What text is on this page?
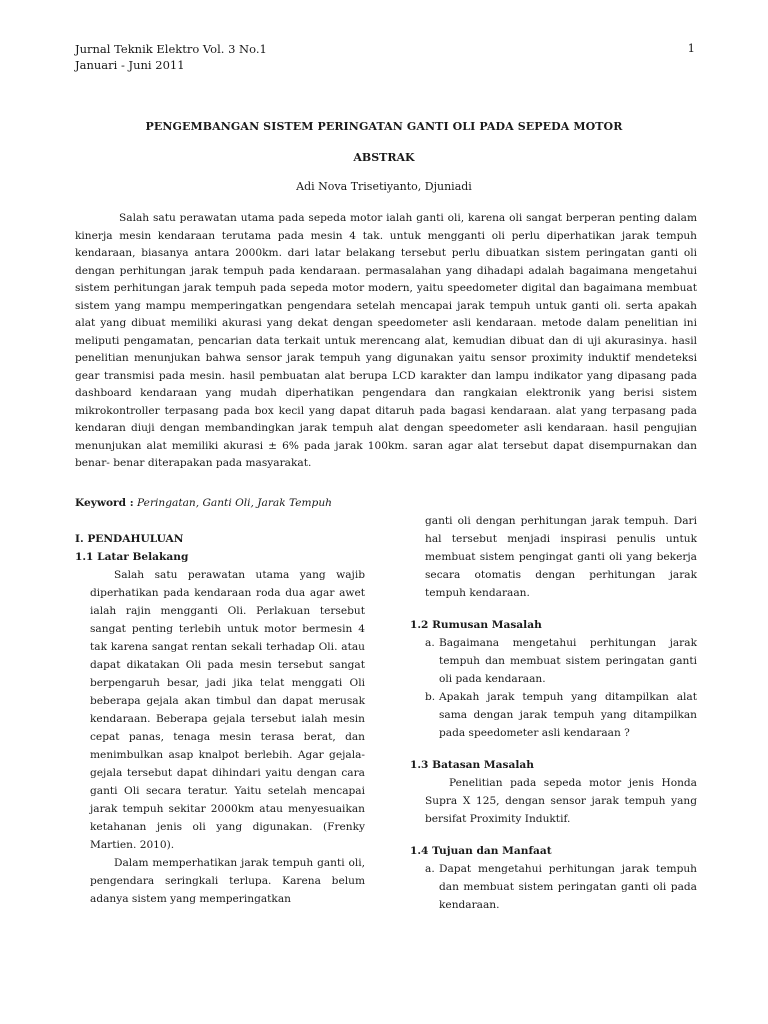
Jurnal Teknik Elektro Vol. 3 No.1
Januari - Juni 2011
1
PENGEMBANGAN SISTEM PERINGATAN GANTI OLI PADA SEPEDA MOTOR
ABSTRAK
Adi Nova Trisetiyanto, Djuniadi

Salah satu perawatan utama pada sepeda motor ialah ganti oli, karena oli sangat berperan penting dalam kinerja mesin kendaraan terutama pada mesin 4 tak. untuk mengganti oli perlu diperhatikan jarak tempuh kendaraan, biasanya antara 2000km. dari latar belakang tersebut perlu dibuatkan sistem peringatan ganti oli dengan perhitungan jarak tempuh pada kendaraan. permasalahan yang dihadapi adalah bagaimana mengetahui sistem perhitungan jarak tempuh pada sepeda motor modern, yaitu speedometer digital dan bagaimana membuat sistem yang mampu memperingatkan pengendara setelah mencapai jarak tempuh untuk ganti oli. serta apakah alat yang dibuat memiliki akurasi yang dekat dengan speedometer asli kendaraan. metode dalam penelitian ini meliputi pengamatan, pencarian data terkait untuk merencang alat, kemudian dibuat dan di uji akurasinya. hasil penelitian menunjukan bahwa sensor jarak tempuh yang digunakan yaitu sensor proximity induktif mendeteksi gear transmisi pada mesin. hasil pembuatan alat berupa LCD karakter dan lampu indikator yang dipasang pada dashboard kendaraan yang mudah diperhatikan pengendara dan rangkaian elektronik yang berisi sistem mikrokontroller terpasang pada box kecil yang dapat ditaruh pada bagasi kendaraan. alat yang terpasang pada kendaran diuji dengan membandingkan jarak tempuh alat dengan speedometer asli kendaraan. hasil pengujian menunjukan alat memiliki akurasi ± 6% pada jarak 100km. saran agar alat tersebut dapat disempurnakan dan benar- benar diterapakan pada masyarakat.

Keyword : Peringatan, Ganti Oli, Jarak Tempuh
I. PENDAHULUAN
1.1 Latar Belakang

Salah satu perawatan utama yang wajib diperhatikan pada kendaraan roda dua agar awet ialah rajin mengganti Oli. Perlakuan tersebut sangat penting terlebih untuk motor bermesin 4 tak karena sangat rentan sekali terhadap Oli. atau dapat dikatakan Oli pada mesin tersebut sangat berpengaruh besar, jadi jika telat menggati Oli beberapa gejala akan timbul dan dapat merusak kendaraan. Beberapa gejala tersebut ialah mesin cepat panas, tenaga mesin terasa berat, dan menimbulkan asap knalpot berlebih. Agar gejala-gejala tersebut dapat dihindari yaitu dengan cara ganti Oli secara teratur. Yaitu setelah mencapai jarak tempuh sekitar 2000km atau menyesuaikan ketahanan jenis oli yang digunakan. (Frenky Martien. 2010).

Dalam memperhatikan jarak tempuh ganti oli, pengendara seringkali terlupa. Karena belum adanya sistem yang memperingatkan

ganti oli dengan perhitungan jarak tempuh. Dari hal tersebut menjadi inspirasi penulis untuk membuat sistem pengingat ganti oli yang bekerja secara otomatis dengan perhitungan jarak tempuh kendaraan.

1.2 Rumusan Masalah
a. Bagaimana mengetahui perhitungan jarak tempuh dan membuat sistem peringatan ganti oli pada kendaraan.
b. Apakah jarak tempuh yang ditampilkan alat sama dengan jarak tempuh yang ditampilkan pada speedometer asli kendaraan ?
1.3 Batasan Masalah

Penelitian pada sepeda motor jenis Honda Supra X 125, dengan sensor jarak tempuh yang bersifat Proximity Induktif.

1.4 Tujuan dan Manfaat
a. Dapat mengetahui perhitungan jarak tempuh dan membuat sistem peringatan ganti oli pada kendaraan.
